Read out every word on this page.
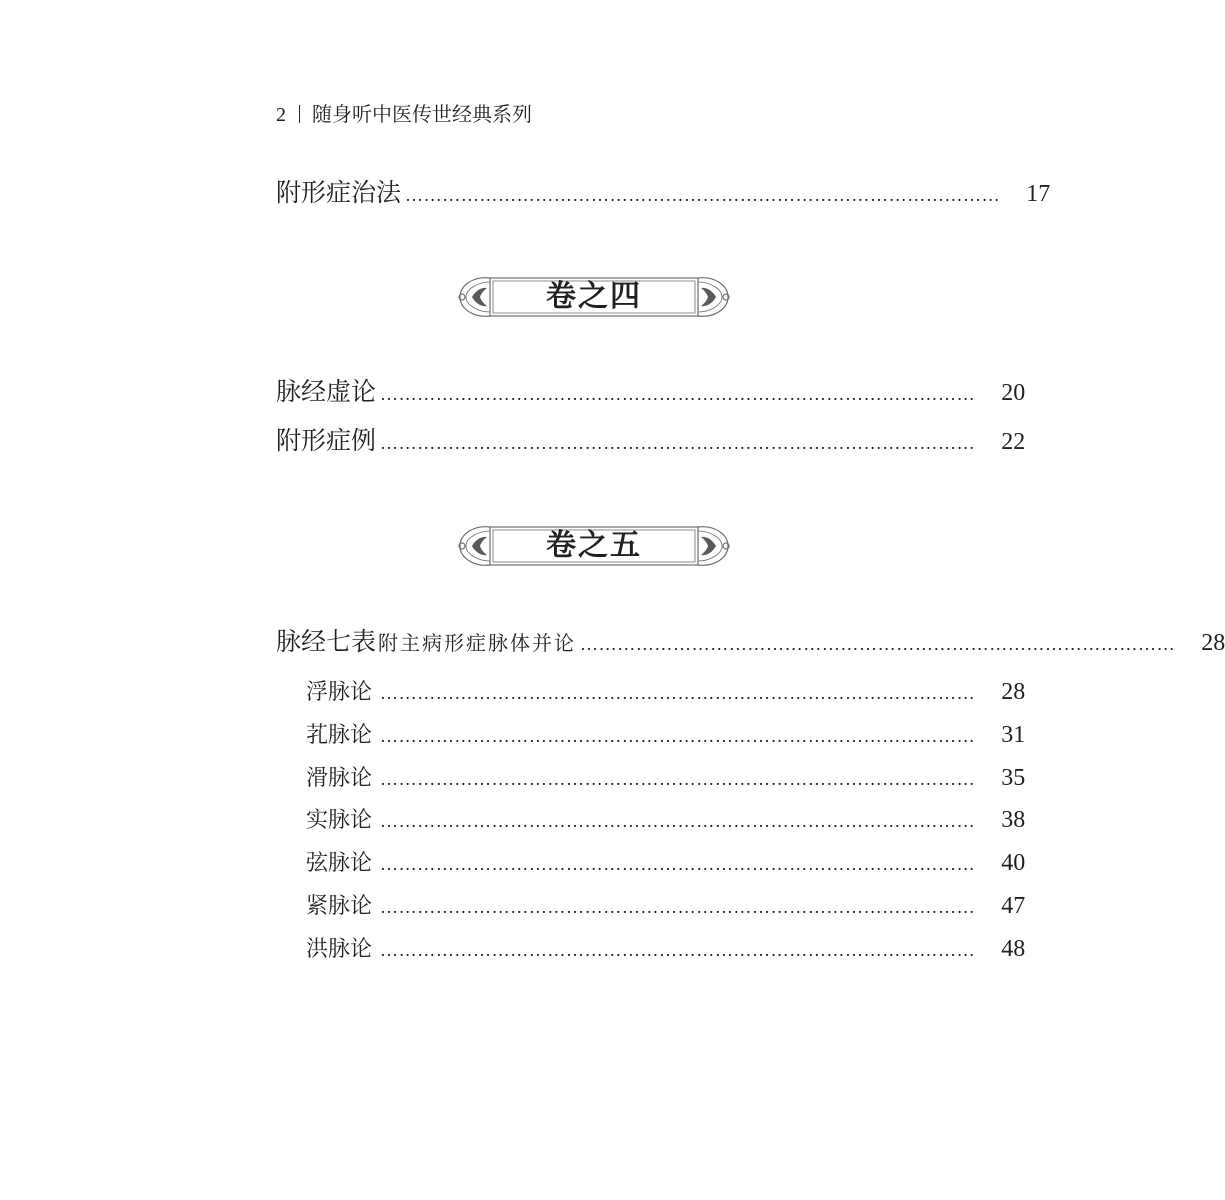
2 随身听中医传世经典系列
附形症治法 ……………………………………………………………………………………	17
卷之四
脉经虚论 ……………………………………………………………………………………	20
附形症例 ……………………………………………………………………………………	22
卷之五
脉经七表 附主病形症脉体并论 ……………………………………………………………………………………	28
浮脉论 ……………………………………………………………………………………	28
芤脉论 ……………………………………………………………………………………	31
滑脉论 ……………………………………………………………………………………	35
实脉论 ……………………………………………………………………………………	38
弦脉论 ……………………………………………………………………………………	40
紧脉论 ……………………………………………………………………………………	47
洪脉论 ……………………………………………………………………………………	48
